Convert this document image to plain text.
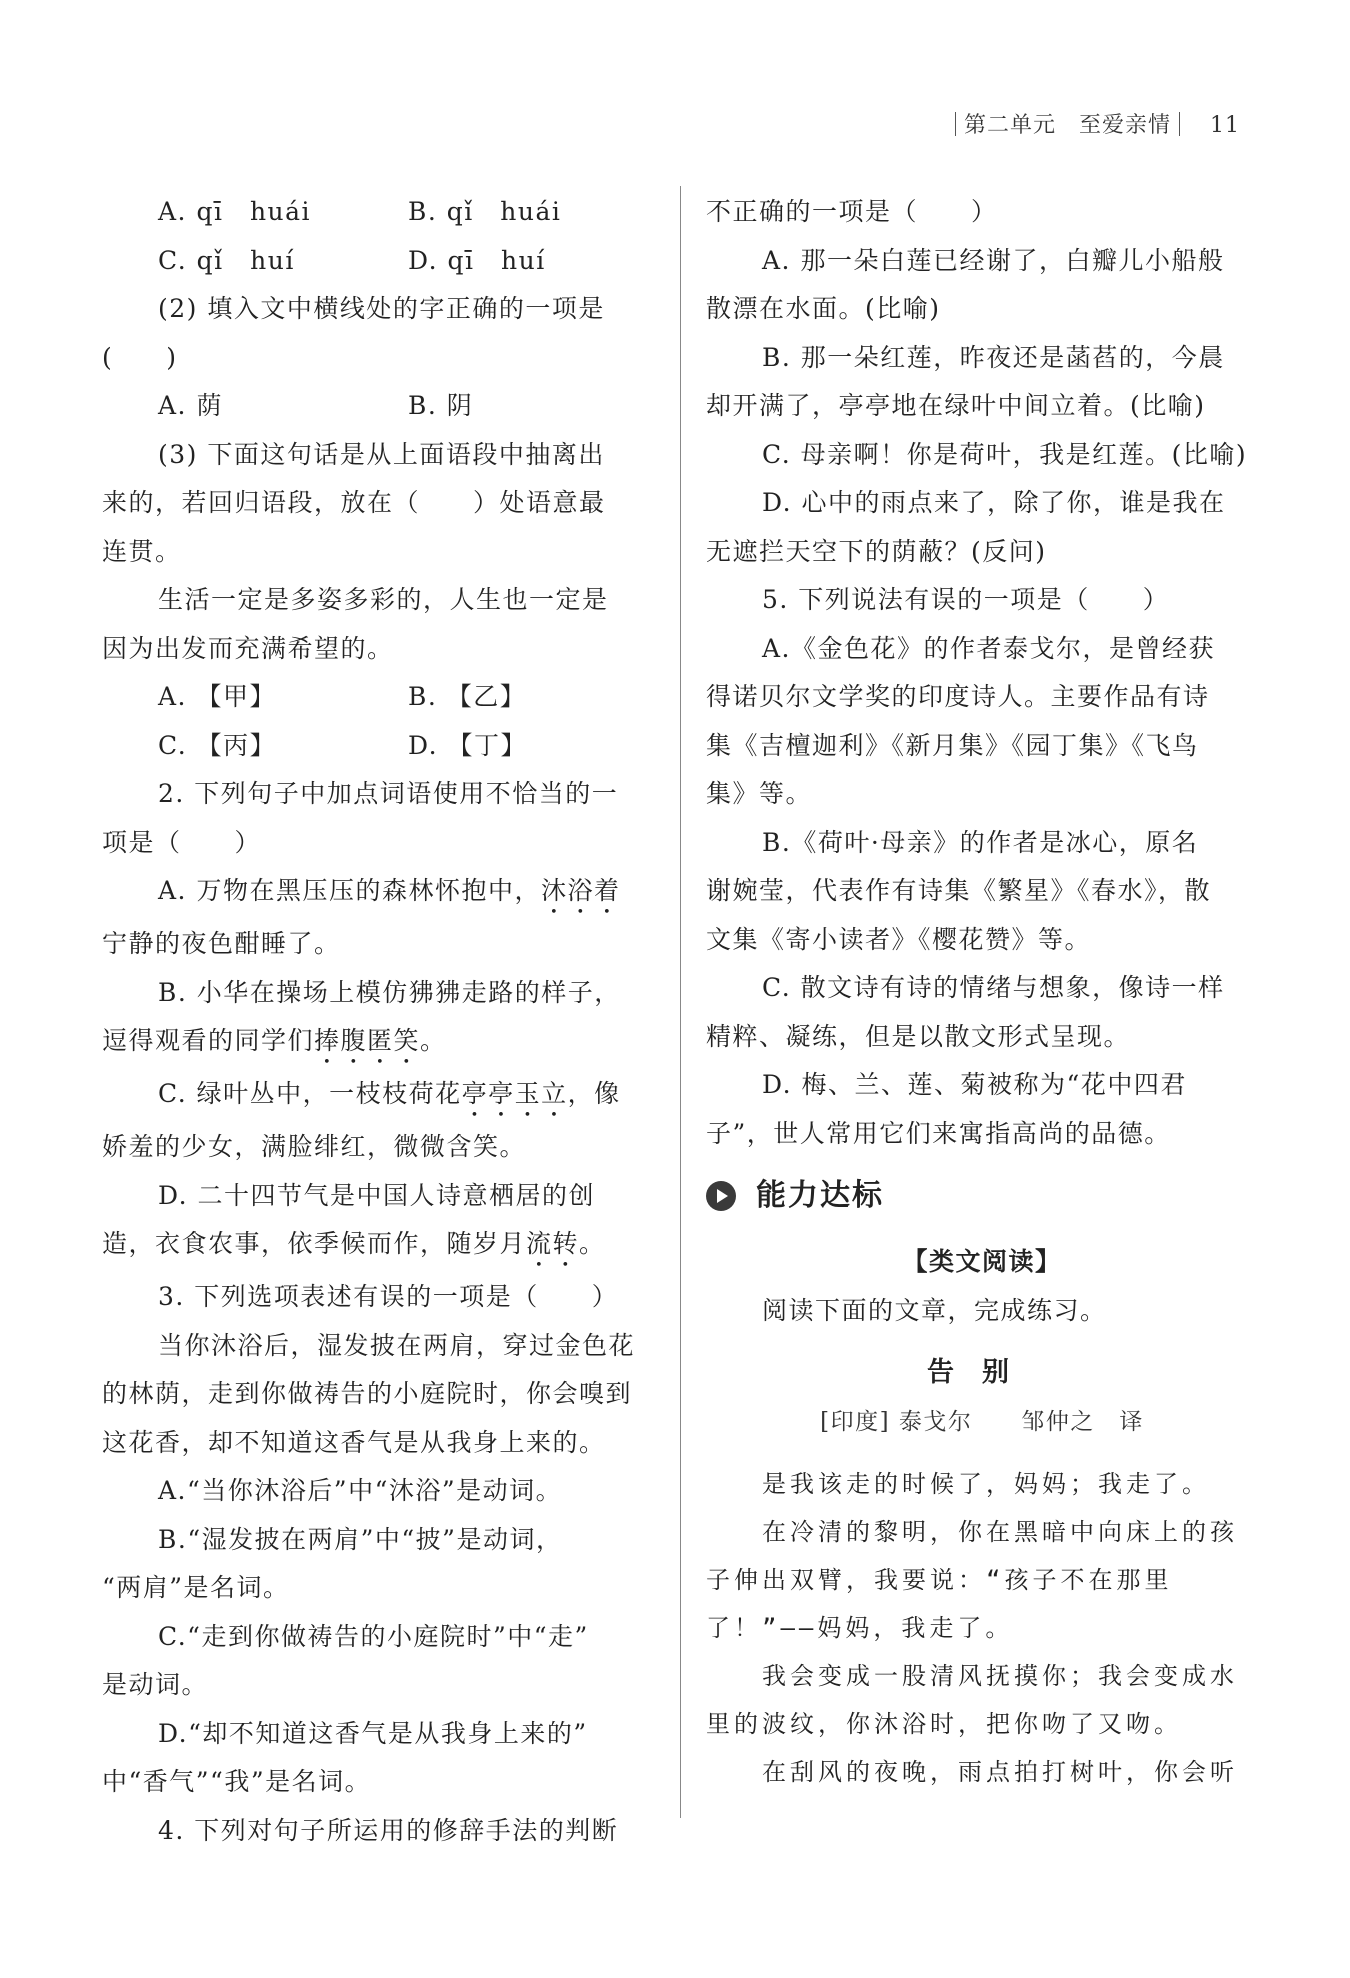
第二单元　至爱亲情 11
A. qī　huái	B. qǐ　huái
C. qǐ　huí	D. qī　huí
(2) 填入文中横线处的字正确的一项是
(　　)
A. 荫	B. 阴
(3) 下面这句话是从上面语段中抽离出
来的，若回归语段，放在（　　）处语意最
连贯。
生活一定是多姿多彩的，人生也一定是
因为出发而充满希望的。
A. 【甲】	B. 【乙】
C. 【丙】	D. 【丁】
2. 下列句子中加点词语使用不恰当的一
项是（　　）
A. 万物在黑压压的森林怀抱中，沐浴着
宁静的夜色酣睡了。
B. 小华在操场上模仿狒狒走路的样子，
逗得观看的同学们捧腹匿笑。
C. 绿叶丛中，一枝枝荷花亭亭玉立，像
娇羞的少女，满脸绯红，微微含笑。
D. 二十四节气是中国人诗意栖居的创
造，衣食农事，依季候而作，随岁月流转。
3. 下列选项表述有误的一项是（　　）
当你沐浴后，湿发披在两肩，穿过金色花
的林荫，走到你做祷告的小庭院时，你会嗅到
这花香，却不知道这香气是从我身上来的。
A.“当你沐浴后”中“沐浴”是动词。
B.“湿发披在两肩”中“披”是动词，
“两肩”是名词。
C.“走到你做祷告的小庭院时”中“走”
是动词。
D.“却不知道这香气是从我身上来的”
中“香气”“我”是名词。
4. 下列对句子所运用的修辞手法的判断
不正确的一项是（　　）
A. 那一朵白莲已经谢了，白瓣儿小船般
散漂在水面。(比喻)
B. 那一朵红莲，昨夜还是菡萏的，今晨
却开满了，亭亭地在绿叶中间立着。(比喻)
C. 母亲啊！你是荷叶，我是红莲。(比喻)
D. 心中的雨点来了，除了你，谁是我在
无遮拦天空下的荫蔽？(反问)
5. 下列说法有误的一项是（　　）
A.《金色花》的作者泰戈尔，是曾经获
得诺贝尔文学奖的印度诗人。主要作品有诗
集《吉檀迦利》《新月集》《园丁集》《飞鸟
集》等。
B.《荷叶·母亲》的作者是冰心，原名
谢婉莹，代表作有诗集《繁星》《春水》，散
文集《寄小读者》《樱花赞》等。
C. 散文诗有诗的情绪与想象，像诗一样
精粹、凝练，但是以散文形式呈现。
D. 梅、兰、莲、菊被称为“花中四君
子”，世人常用它们来寓指高尚的品德。
能力达标
【类文阅读】
阅读下面的文章，完成练习。
告别
[印度] 泰戈尔　　邹仲之　译
是我该走的时候了，妈妈；我走了。
在冷清的黎明，你在黑暗中向床上的孩
子伸出双臂，我要说：“孩子不在那里
了！”——妈妈，我走了。
我会变成一股清风抚摸你；我会变成水
里的波纹，你沐浴时，把你吻了又吻。
在刮风的夜晚，雨点拍打树叶，你会听
